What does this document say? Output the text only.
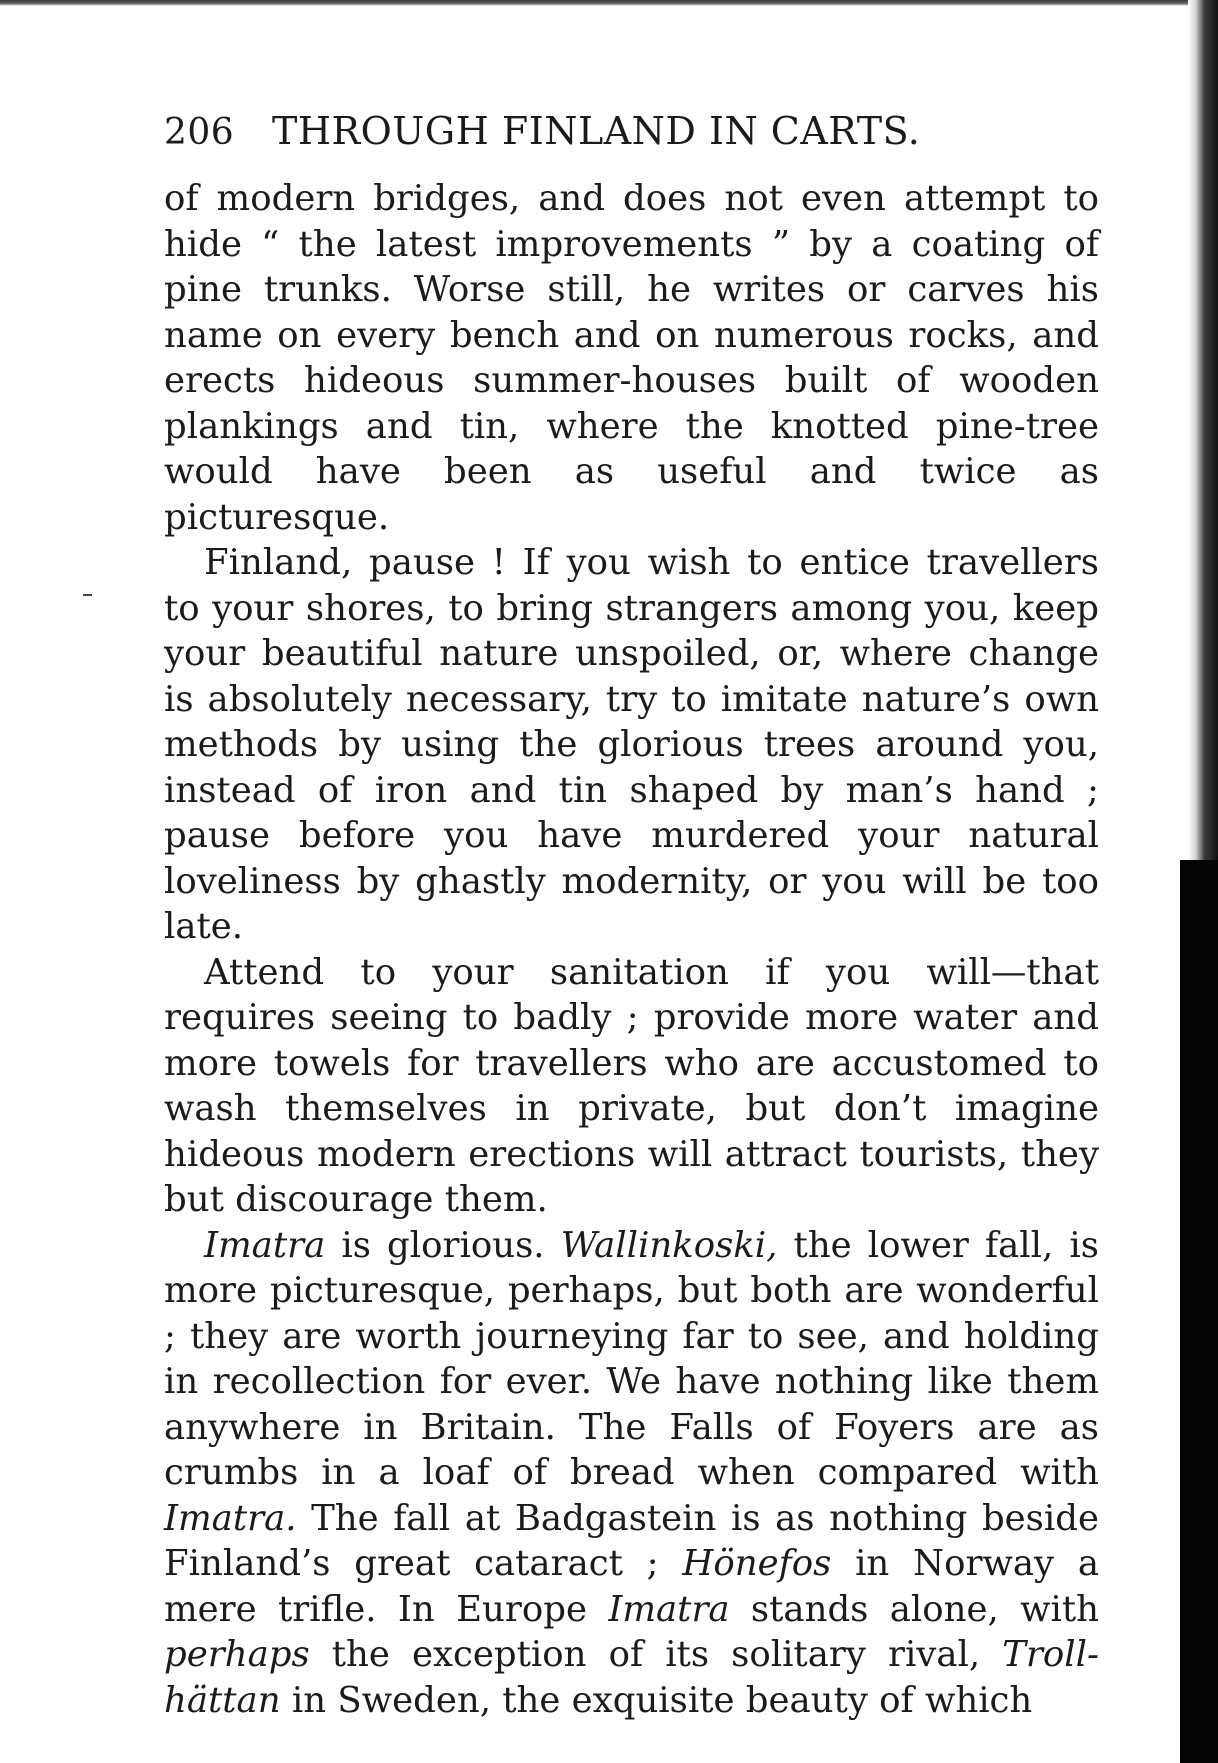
206 THROUGH FINLAND IN CARTS.

of modern bridges, and does not even attempt to hide “ the latest improvements ” by a coating of pine trunks. Worse still, he writes or carves his name on every bench and on numerous rocks, and erects hideous summer-houses built of wooden plankings and tin, where the knotted pine-tree would have been as useful and twice as picturesque.

Finland, pause ! If you wish to entice travellers to your shores, to bring strangers among you, keep your beautiful nature unspoiled, or, where change is absolutely necessary, try to imitate nature’s own methods by using the glorious trees around you, instead of iron and tin shaped by man’s hand ; pause before you have murdered your natural loveliness by ghastly modernity, or you will be too late.

Attend to your sanitation if you will—that requires seeing to badly ; provide more water and more towels for travellers who are accustomed to wash themselves in private, but don’t imagine hideous modern erections will attract tourists, they but discourage them.

Imatra is glorious. Wallinkoski, the lower fall, is more picturesque, perhaps, but both are wonderful ; they are worth journeying far to see, and holding in recollection for ever. We have nothing like them anywhere in Britain. The Falls of Foyers are as crumbs in a loaf of bread when compared with Imatra. The fall at Badgastein is as nothing beside Finland’s great cataract ; Hönefos in Norway a mere trifle. In Europe Imatra stands alone, with perhaps the exception of its solitary rival, Troll-hättan in Sweden, the exquisite beauty of which
